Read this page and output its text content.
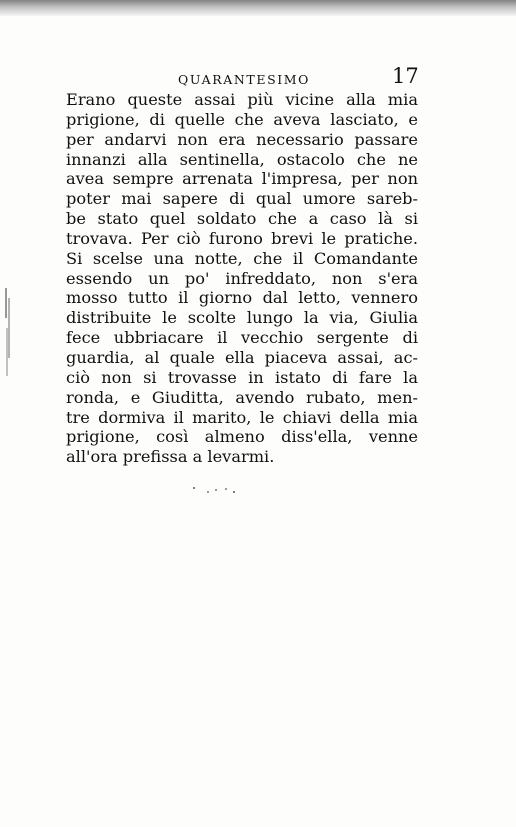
QUARANTESIMO	17
Erano queste assai più vicine alla mia
prigione, di quelle che aveva lasciato, e
per andarvi non era necessario passare
innanzi alla sentinella, ostacolo che ne
avea sempre arrenata l'impresa, per non
poter mai sapere di qual umore sareb-
be stato quel soldato che a caso là si
trovava. Per ciò furono brevi le pratiche.
Si scelse una notte, che il Comandante
essendo un po' infreddato, non s'era
mosso tutto il giorno dal letto, vennero
distribuite le scolte lungo la via, Giulia
fece ubbriacare il vecchio sergente di
guardia, al quale ella piaceva assai, ac-
ciò non si trovasse in istato di fare la
ronda, e Giuditta, avendo rubato, men-
tre dormiva il marito, le chiavi della mia
prigione, così almeno diss'ella, venne
all'ora prefissa a levarmi.
